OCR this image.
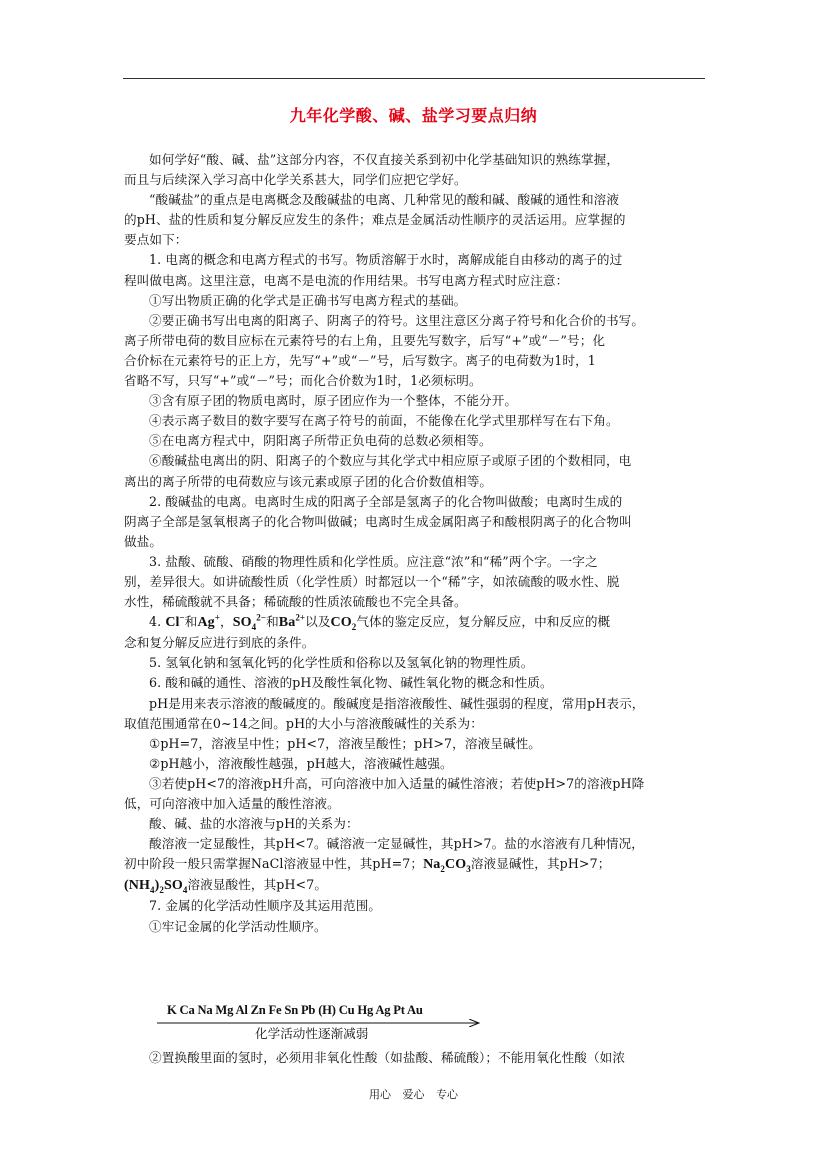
九年化学酸、碱、盐学习要点归纳

如何学好“酸、碱、盐”这部分内容，不仅直接关系到初中化学基础知识的熟练掌握，

而且与后续深入学习高中化学关系甚大，同学们应把它学好。

“酸碱盐”的重点是电离概念及酸碱盐的电离、几种常见的酸和碱、酸碱的通性和溶液

的pH、盐的性质和复分解反应发生的条件；难点是金属活动性顺序的灵活运用。应掌握的

要点如下：

1. 电离的概念和电离方程式的书写。物质溶解于水时，离解成能自由移动的离子的过

程叫做电离。这里注意，电离不是电流的作用结果。书写电离方程式时应注意：

①写出物质正确的化学式是正确书写电离方程式的基础。

②要正确书写出电离的阳离子、阴离子的符号。这里注意区分离子符号和化合价的书写。

离子所带电荷的数目应标在元素符号的右上角，且要先写数字，后写“+”或“－”号；化

合价标在元素符号的正上方，先写“+”或“－”号，后写数字。离子的电荷数为1时，1

省略不写，只写“+”或“－”号；而化合价数为1时，1必须标明。

③含有原子团的物质电离时，原子团应作为一个整体，不能分开。

④表示离子数目的数字要写在离子符号的前面，不能像在化学式里那样写在右下角。

⑤在电离方程式中，阴阳离子所带正负电荷的总数必须相等。

⑥酸碱盐电离出的阴、阳离子的个数应与其化学式中相应原子或原子团的个数相同，电

离出的离子所带的电荷数应与该元素或原子团的化合价数值相等。

2. 酸碱盐的电离。电离时生成的阳离子全部是氢离子的化合物叫做酸；电离时生成的

阴离子全部是氢氧根离子的化合物叫做碱；电离时生成金属阳离子和酸根阴离子的化合物叫

做盐。

3. 盐酸、硫酸、硝酸的物理性质和化学性质。应注意“浓”和“稀”两个字。一字之

别，差异很大。如讲硫酸性质（化学性质）时都冠以一个“稀”字，如浓硫酸的吸水性、脱

水性，稀硫酸就不具备；稀硫酸的性质浓硫酸也不完全具备。

4. Cl−和Ag+，$SO_4^{2-}$和$Ba^{2+}$以及$CO_2$气体的鉴定反应，复分解反应，中和反应的概

念和复分解反应进行到底的条件。

5. 氢氧化钠和氢氧化钙的化学性质和俗称以及氢氧化钠的物理性质。

6. 酸和碱的通性、溶液的pH及酸性氧化物、碱性氧化物的概念和性质。

pH是用来表示溶液的酸碱度的。酸碱度是指溶液酸性、碱性强弱的程度，常用pH表示，

取值范围通常在0~14之间。pH的大小与溶液酸碱性的关系为：

①pH=7，溶液呈中性；pH<7，溶液呈酸性；pH>7，溶液呈碱性。

②pH越小，溶液酸性越强，pH越大，溶液碱性越强。

③若使pH<7的溶液pH升高，可向溶液中加入适量的碱性溶液；若使pH>7的溶液pH降

低，可向溶液中加入适量的酸性溶液。

酸、碱、盐的水溶液与pH的关系为：

酸溶液一定显酸性，其pH<7。碱溶液一定显碱性，其pH>7。盐的水溶液有几种情况，

初中阶段一般只需掌握NaCl溶液显中性，其pH=7；$Na_2CO_3$溶液显碱性，其pH>7；

$(NH_4)_2SO_4$溶液显酸性，其pH<7。

7. 金属的化学活动性顺序及其运用范围。

①牢记金属的化学活动性顺序。

K Ca Na Mg Al Zn Fe Sn Pb (H) Cu Hg Ag Pt Au
化学活动性逐渐减弱
②置换酸里面的氢时，必须用非氧化性酸（如盐酸、稀硫酸）；不能用氧化性酸（如浓
用心 爱心 专心
